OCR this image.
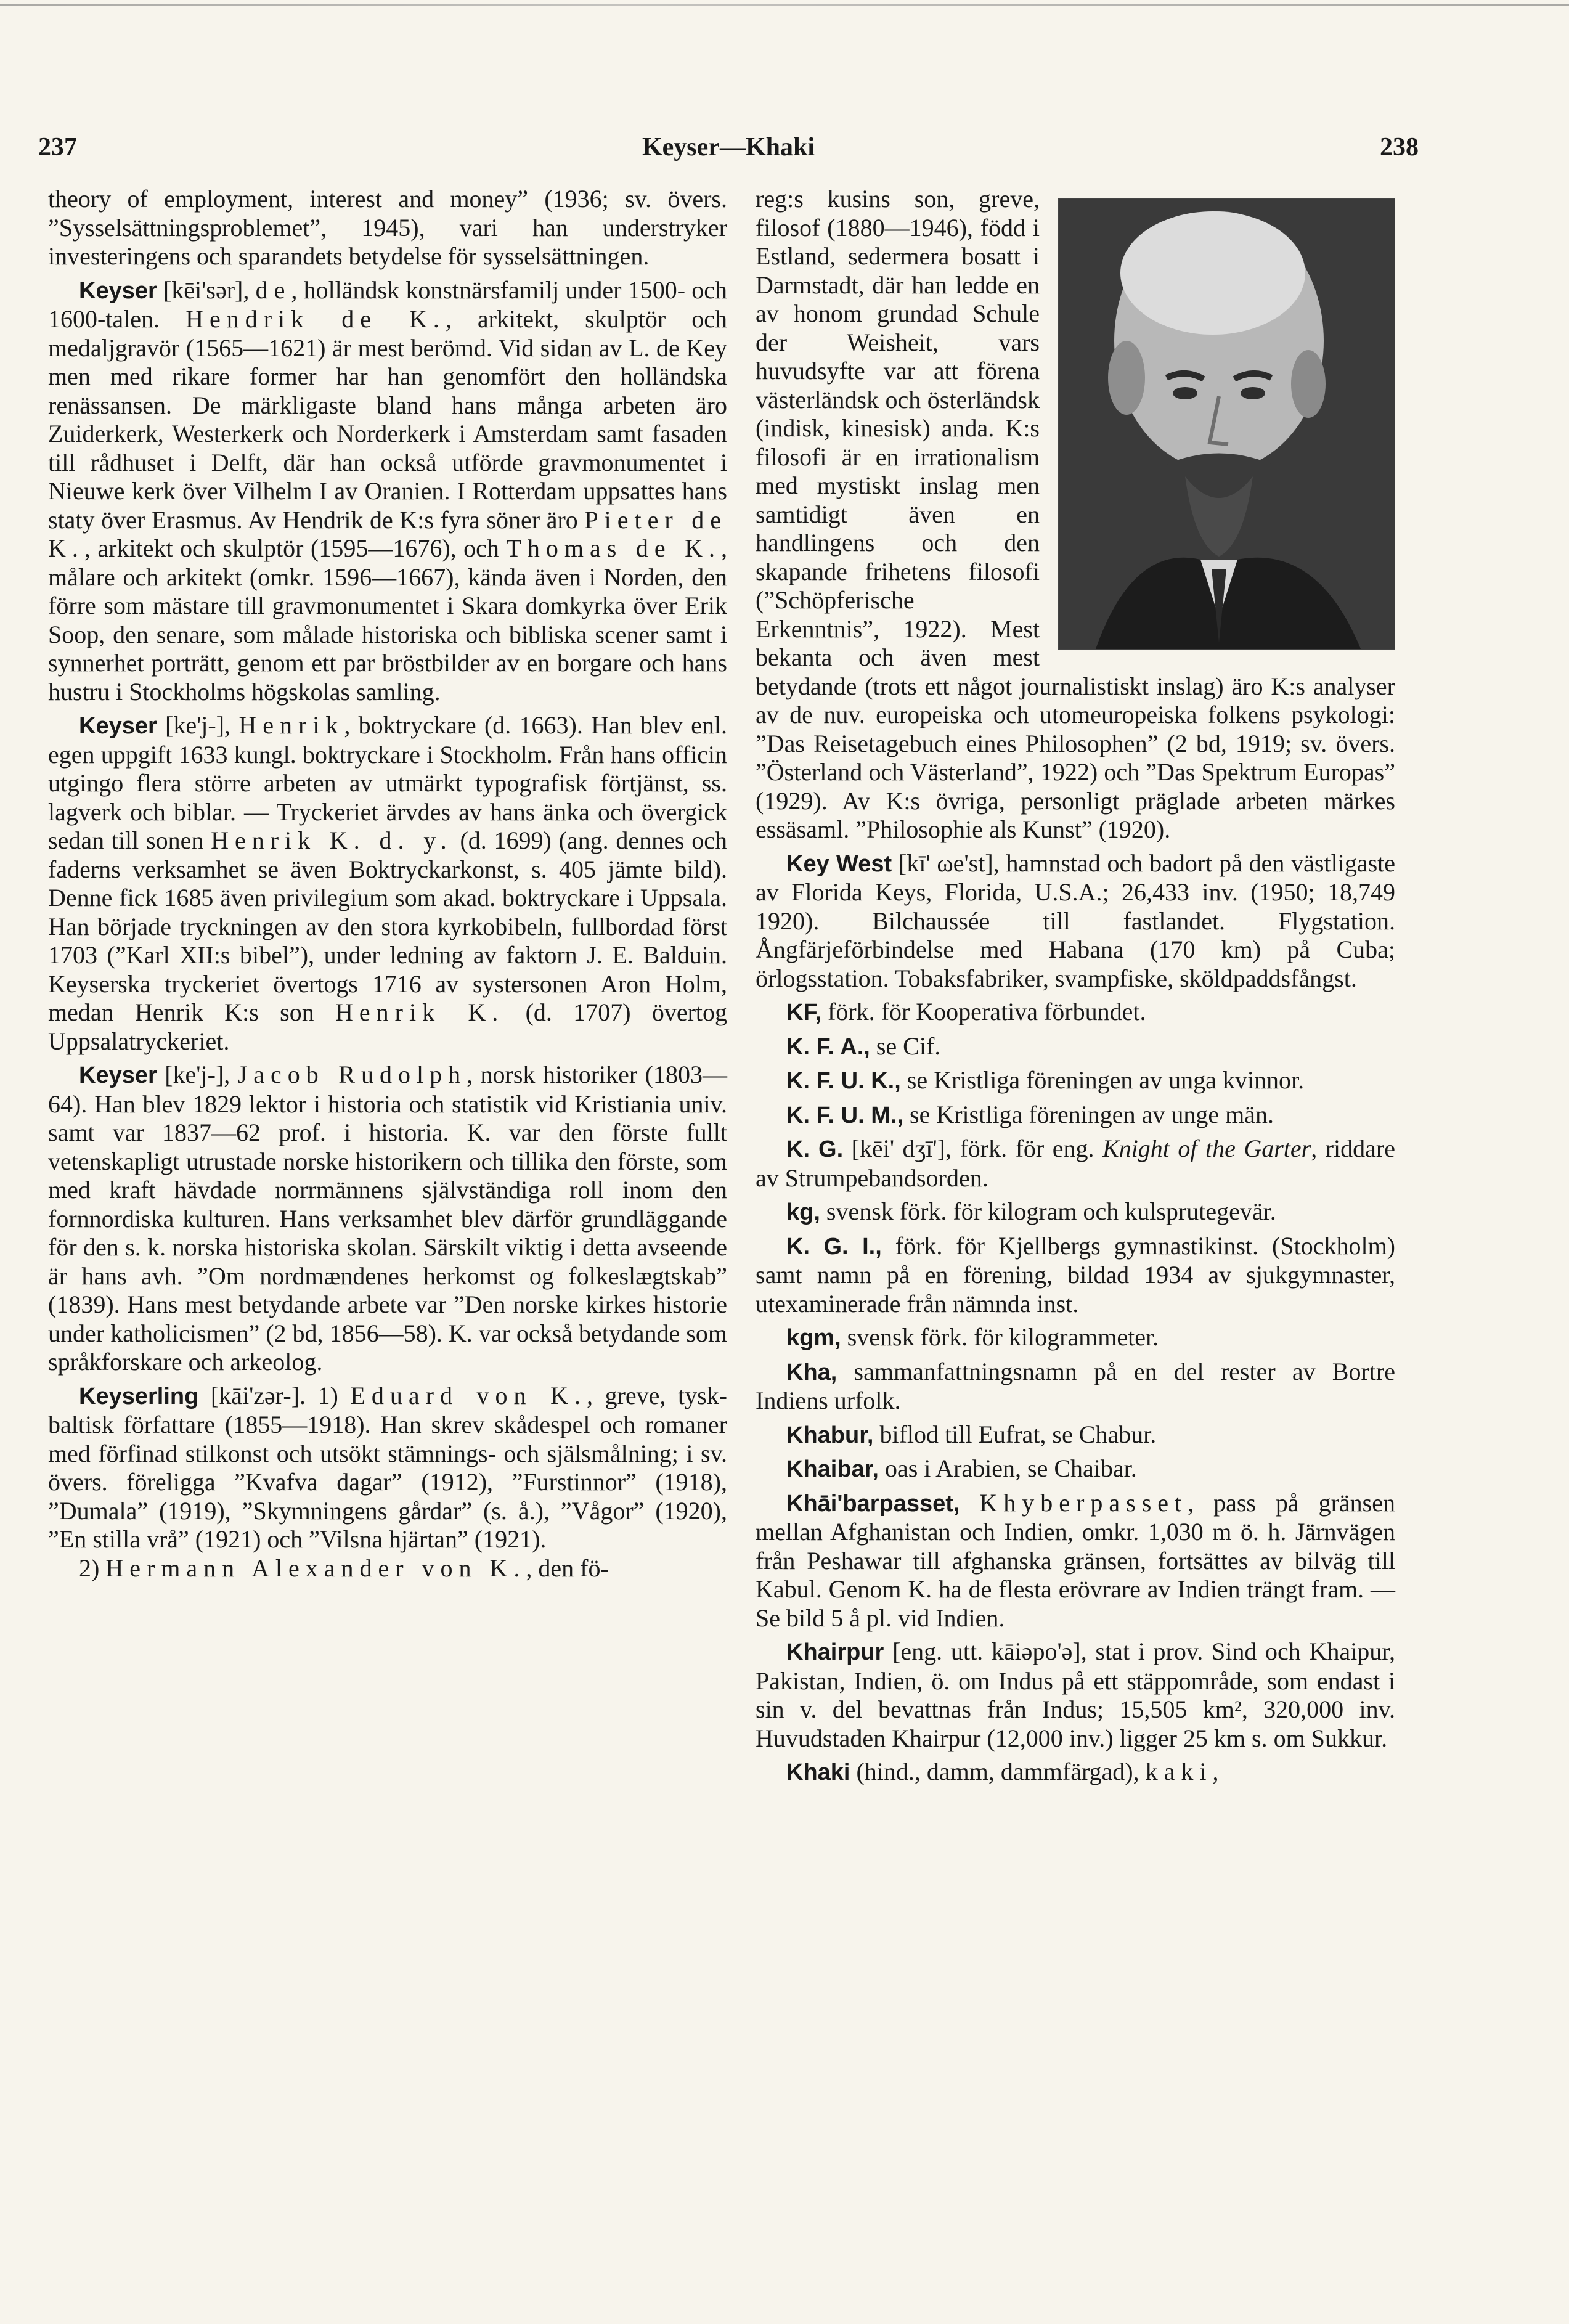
237	Keyser—Khaki	238

theory of employment, interest and money” (1936; sv. övers. ”Sysselsättningsproblemet”, 1945), vari han understryker investeringens och sparandets betydelse för sysselsättningen.

Keyser [kēi'sər], de, holländsk konstnärsfamilj under 1500- och 1600-talen. Hendrik de K., arkitekt, skulptör och medaljgravör (1565—1621) är mest berömd. Vid sidan av L. de Key men med rikare former har han genomfört den holländska renässansen. De märkligaste bland hans många arbeten äro Zuiderkerk, Westerkerk och Norderkerk i Amsterdam samt fasaden till rådhuset i Delft, där han också utförde gravmonumentet i Nieuwe kerk över Vilhelm I av Oranien. I Rotterdam uppsattes hans staty över Erasmus. Av Hendrik de K:s fyra söner äro Pieter de K., arkitekt och skulptör (1595—1676), och Thomas de K., målare och arkitekt (omkr. 1596—1667), kända även i Norden, den förre som mästare till gravmonumentet i Skara domkyrka över Erik Soop, den senare, som målade historiska och bibliska scener samt i synnerhet porträtt, genom ett par bröstbilder av en borgare och hans hustru i Stockholms högskolas samling.

Keyser [ke'j-], Henrik, boktryckare (d. 1663). Han blev enl. egen uppgift 1633 kungl. boktryckare i Stockholm. Från hans officin utgingo flera större arbeten av utmärkt typografisk förtjänst, ss. lagverk och biblar. — Tryckeriet ärvdes av hans änka och övergick sedan till sonen Henrik K. d. y. (d. 1699) (ang. dennes och faderns verksamhet se även Boktryckarkonst, s. 405 jämte bild). Denne fick 1685 även privilegium som akad. boktryckare i Uppsala. Han började tryckningen av den stora kyrkobibeln, fullbordad först 1703 (”Karl XII:s bibel”), under ledning av faktorn J. E. Balduin. Keyserska tryckeriet övertogs 1716 av systersonen Aron Holm, medan Henrik K:s son Henrik K. (d. 1707) övertog Uppsalatryckeriet.

Keyser [ke'j-], Jacob Rudolph, norsk historiker (1803—64). Han blev 1829 lektor i historia och statistik vid Kristiania univ. samt var 1837—62 prof. i historia. K. var den förste fullt vetenskapligt utrustade norske historikern och tillika den förste, som med kraft hävdade norrmännens självständiga roll inom den fornnordiska kulturen. Hans verksamhet blev därför grundläggande för den s. k. norska historiska skolan. Särskilt viktig i detta avseende är hans avh. ”Om nordmændenes herkomst og folkeslægtskab” (1839). Hans mest betydande arbete var ”Den norske kirkes historie under katholicismen” (2 bd, 1856—58). K. var också betydande som språkforskare och arkeolog.

Keyserling [kāi'zər-]. 1) Eduard von K., greve, tysk-baltisk författare (1855—1918). Han skrev skådespel och romaner med förfinad stilkonst och utsökt stämnings- och själsmålning; i sv. övers. föreligga ”Kvafva dagar” (1912), ”Furstinnor” (1918), ”Dumala” (1919), ”Skymningens gårdar” (s. å.), ”Vågor” (1920), ”En stilla vrå” (1921) och ”Vilsna hjärtan” (1921).
2) Hermann Alexander von K., den fö-

reg:s kusins son, greve, filosof (1880—1946), född i Estland, sedermera bosatt i Darmstadt, där han ledde en av honom grundad Schule der Weisheit, vars huvudsyfte var att förena västerländsk och österländsk (indisk, kinesisk) anda. K:s filosofi är en irrationalism med mystiskt inslag men samtidigt även en handlingens och den skapande frihetens filosofi (”Schöpferische Erkenntnis”, 1922). Mest bekanta och även mest betydande (trots ett något journalistiskt inslag) äro K:s analyser av de nuv. europeiska och utomeuropeiska folkens psykologi: ”Das Reisetagebuch eines Philosophen” (2 bd, 1919; sv. övers. ”Österland och Västerland”, 1922) och ”Das Spektrum Europas” (1929). Av K:s övriga, personligt präglade arbeten märkes essäsaml. ”Philosophie als Kunst” (1920).

Key West [kī' ωe'st], hamnstad och badort på den västligaste av Florida Keys, Florida, U.S.A.; 26,433 inv. (1950; 18,749 1920). Bilchaussée till fastlandet. Flygstation. Ångfärjeförbindelse med Habana (170 km) på Cuba; örlogsstation. Tobaksfabriker, svampfiske, sköldpaddsfångst.

KF, förk. för Kooperativa förbundet.

K. F. A., se Cif.

K. F. U. K., se Kristliga föreningen av unga kvinnor.

K. F. U. M., se Kristliga föreningen av unge män.

K. G. [kēi' dʒī'], förk. för eng. Knight of the Garter, riddare av Strumpebandsorden.

kg, svensk förk. för kilogram och kulsprutegevär.

K. G. I., förk. för Kjellbergs gymnastikinst. (Stockholm) samt namn på en förening, bildad 1934 av sjukgymnaster, utexaminerade från nämnda inst.

kgm, svensk förk. för kilogrammeter.

Kha, sammanfattningsnamn på en del rester av Bortre Indiens urfolk.

Khabur, biflod till Eufrat, se Chabur.

Khaibar, oas i Arabien, se Chaibar.

Khāi'barpasset, Khyberpasset, pass på gränsen mellan Afghanistan och Indien, omkr. 1,030 m ö. h. Järnvägen från Peshawar till afghanska gränsen, fortsättes av bilväg till Kabul. Genom K. ha de flesta erövrare av Indien trängt fram. — Se bild 5 å pl. vid Indien.

Khairpur [eng. utt. kāiəpo'ə], stat i prov. Sind och Khaipur, Pakistan, Indien, ö. om Indus på ett stäppområde, som endast i sin v. del bevattnas från Indus; 15,505 km², 320,000 inv. Huvudstaden Khairpur (12,000 inv.) ligger 25 km s. om Sukkur.

Khaki (hind., damm, dammfärgad), kaki,
